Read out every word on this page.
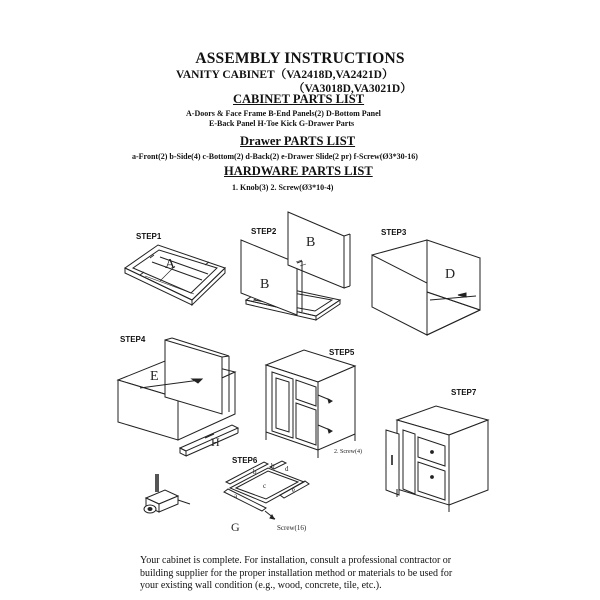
ASSEMBLY INSTRUCTIONS
VANITY CABINET（VA2418D,VA2421D）
（VA3018D,VA3021D）
CABINET PARTS LIST
A-Doors & Face Frame B-End Panels(2) D-Bottom Panel
E-Back Panel H-Toe Kick G-Drawer Parts
Drawer PARTS LIST
a-Front(2) b-Side(4) c-Bottom(2) d-Back(2) e-Drawer Slide(2 pr) f-Screw(Ø3*30-16)
HARDWARE PARTS LIST
1. Knob(3) 2. Screw(Ø3*10-4)
STEP1
STEP2	STEP3
STEP4
STEP5
STEP7
STEP6
A
B
B
D
E
H
G
a
b
b
c
d
e
2. Screw(4)
Screw(16)
Your cabinet is complete. For installation, consult a professional contractor or
building supplier for the proper installation method or materials to be used for
your existing wall condition (e.g., wood, concrete, tile, etc.).
